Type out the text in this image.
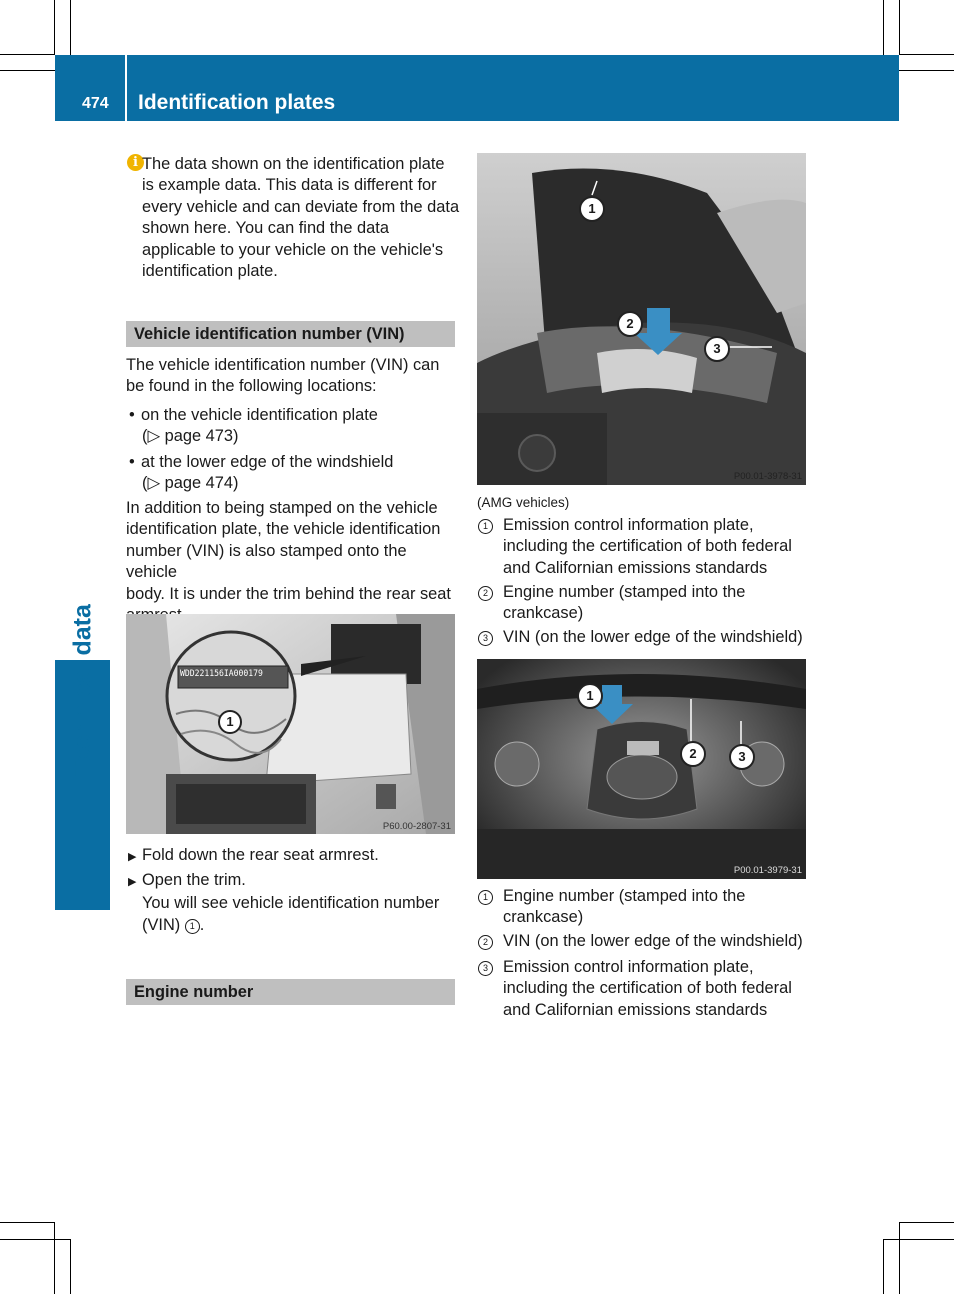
474 Identification plates
Technical data
i The data shown on the identification plate
is example data. This data is different for
every vehicle and can deviate from the data
shown here. You can find the data
applicable to your vehicle on the vehicle's
identification plate.
Vehicle identification number (VIN)
The vehicle identification number (VIN) can
be found in the following locations:
• on the vehicle identification plate
(▷ page 473)
• at the lower edge of the windshield
(▷ page 474)
In addition to being stamped on the vehicle
identification plate, the vehicle identification
number (VIN) is also stamped onto the vehicle
body. It is under the trim behind the rear seat
WDD221156IA000179
1
P60.00-2807-31
▶ Fold down the rear seat armrest.
▶ Open the trim.
You will see vehicle identification number
(VIN) 1 .
Engine number
1
2
3
P00.01-3978-31
(AMG vehicles)
1 Emission control information plate,
including the certification of both federal
and Californian emissions standards
2 Engine number (stamped into the
crankcase)
3 VIN (on the lower edge of the windshield)
1
2	3
P00.01-3979-31
1 Engine number (stamped into the
crankcase)
2 VIN (on the lower edge of the windshield)
3 Emission control information plate,
including the certification of both federal
and Californian emissions standards
